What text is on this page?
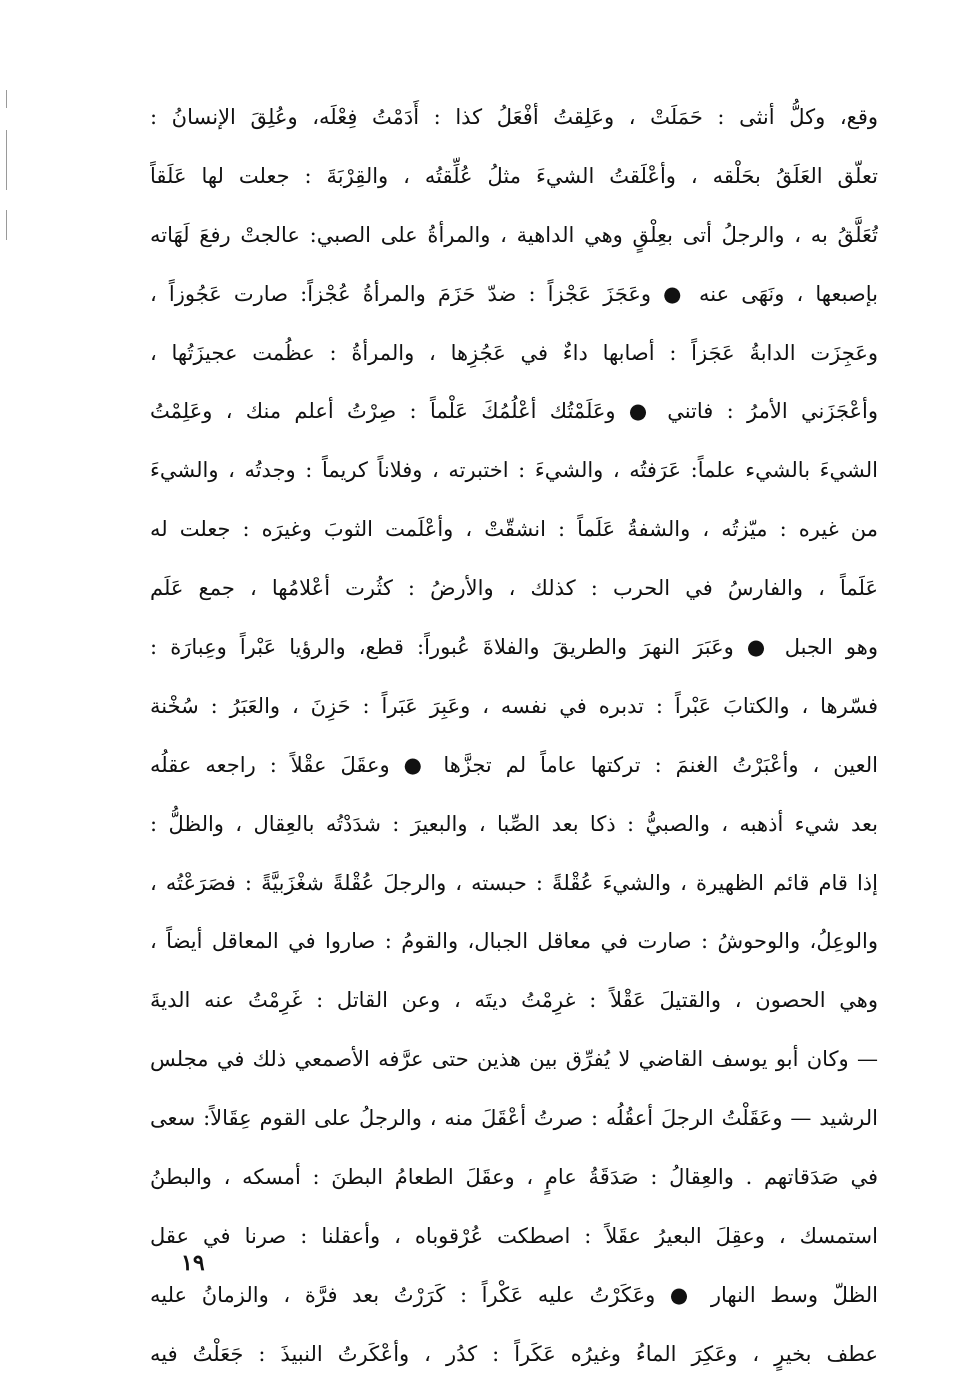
وقع، وكلُّ أنثى : حَمَلَتْ ، وعَلِقتُ أفْعَلُ كذا : أَدَمْتُ فِعْلَه، وعُلِقَ الإنسانُ :
تعلّق العَلَقُ بحَلْقه ، وأعْلَقتُ الشيءَ مثلُ عُلِّقتُه ، والقِرْبَةَ : جعلت لها عَلَقاً
تُعَلَّقُ به ، والرجلُ أتى بعِلْقٍ وهي الداهية ، والمرأةُ على الصبي: عالجتْ رفعَ لَهَاته
بإصبعها ، ونَهَى عنه ● وعَجَزَ عَجْزاً : ضدّ حَزَمَ والمرأةُ عُجْزاً: صارت عَجُوزاً ،
وعَجِزَت الدابةُ عَجَزاً : أصابها داءٌ في عَجُزِها ، والمرأةُ : عظُمت عجيزَتُها ،
وأعْجَزَني الأمرُ : فاتني ● وعَلَمْتُك أعْلُمُكَ عَلْماً : صِرْتُ أعلم منك ، وعَلِمْتُ
الشيءَ بالشيء علماً: عَرَفتُه ، والشيءَ : اختبرته ، وفلاناً كريماً : وجدتُه ، والشيءَ
من غيره : ميّزتُه ، والشفةُ عَلَماً : انشقّتْ ، وأعْلَمت الثوبَ وغيرَه : جعلت له
عَلَماً ، والفارسُ في الحرب : كذلك ، والأرضُ : كثُرت أعْلامُها ، جمع عَلَم
وهو الجبل ● وعَبَرَ النهرَ والطريقَ والفلاةَ عُبوراً: قطع، والرؤيا عَبْراً وعِبارَة :
فسّرها ، والكتابَ عَبْراً : تدبره في نفسه ، وعَبِرَ عَبَراً : حَزِنَ ، والعَبَرُ : سُخْنة
العين ، وأعْبَرْتُ الغنمَ : تركتها عاماً لم تجزَّها ● وعقَلَ عقْلاً : راجعه عقلُه
بعد شيء أذهبه ، والصبيُّ : ذكا بعد الصِّبا ، والبعيرَ : شدَدْتُه بالعِقال ، والظلُّ :
إذا قام قائم الظهيرة ، والشيءَ عُقْلةً : حبسته ، والرجلَ عُقْلةً شغْزَبيَّةً : فصَرَعْتُه ،
والوعِلُ، والوحوشُ : صارت في معاقل الجبال، والقومُ : صاروا في المعاقل أيضاً ،
وهي الحصون ، والقتيلَ عَقْلاً : غرِمْتُ ديتَه ، وعن القاتل : غَرِمْتُ عنه الديةَ
— وكان أبو يوسف القاضي لا يُفرِّق بين هذين حتى عرَّفه الأصمعي ذلك في مجلس
الرشيد — وعَقَلْتُ الرجلَ أعقُلُه : صرتُ أعْقَلَ منه ، والرجلُ على القوم عِقَالاً: سعى
في صَدَقاتهم . والعِقالُ : صَدَقَةُ عامٍ ، وعقَلَ الطعامُ البطنَ : أمسكه ، والبطنُ
استمسك ، وعقِلَ البعيرُ عقَلاً : اصطكت عُرْقوباه ، وأعقلنا : صرنا في عقل
الظلّ وسط النهار ● وعَكَرْتُ عليه عَكْراً : كَرَرْتُ بعد فرَّة ، والزمانُ عليه
عطف بخيرٍ ، وعَكِرَ الماءُ وغيرُه عَكَراً : كدُر ، وأعْكَرتُ النبيذَ : جَعَلْتُ فيه
١٩
